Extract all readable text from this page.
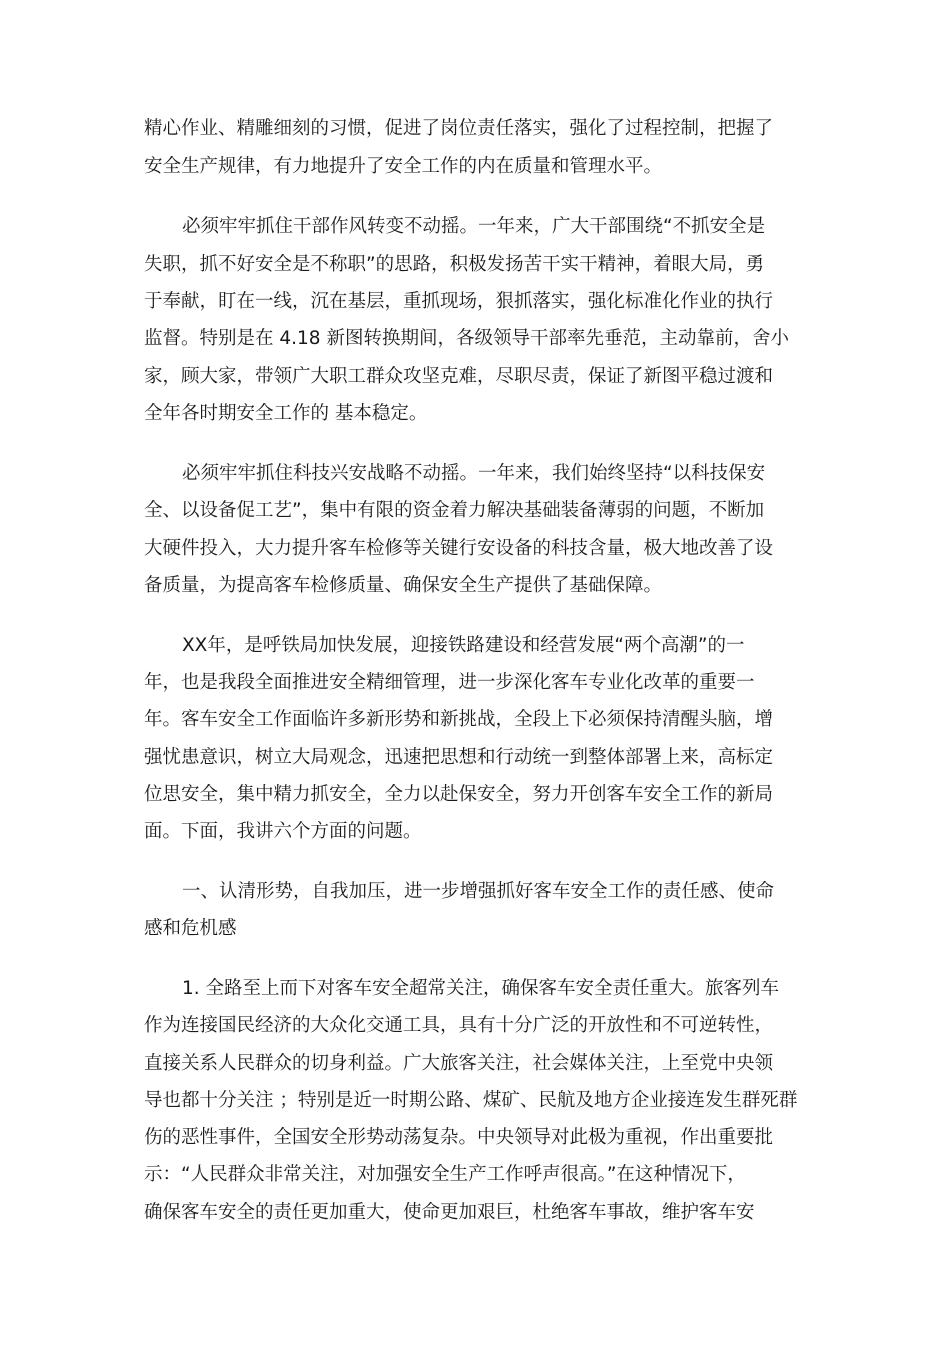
精心作业、精雕细刻的习惯，促进了岗位责任落实，强化了过程控制，把握了
安全生产规律，有力地提升了安全工作的内在质量和管理水平。
必须牢牢抓住干部作风转变不动摇。一年来，广大干部围绕“不抓安全是
失职，抓不好安全是不称职”的思路，积极发扬苦干实干精神，着眼大局，勇
于奉献，盯在一线，沉在基层，重抓现场，狠抓落实，强化标准化作业的执行
监督。特别是在 4.18 新图转换期间，各级领导干部率先垂范，主动靠前，舍小
家，顾大家，带领广大职工群众攻坚克难，尽职尽责，保证了新图平稳过渡和
全年各时期安全工作的 基本稳定。
必须牢牢抓住科技兴安战略不动摇。一年来，我们始终坚持“以科技保安
全、以设备促工艺”，集中有限的资金着力解决基础装备薄弱的问题，不断加
大硬件投入，大力提升客车检修等关键行安设备的科技含量，极大地改善了设
备质量，为提高客车检修质量、确保安全生产提供了基础保障。
XX年，是呼铁局加快发展，迎接铁路建设和经营发展“两个高潮”的一
年，也是我段全面推进安全精细管理，进一步深化客车专业化改革的重要一
年。客车安全工作面临许多新形势和新挑战，全段上下必须保持清醒头脑，增
强忧患意识，树立大局观念，迅速把思想和行动统一到整体部署上来，高标定
位思安全，集中精力抓安全，全力以赴保安全，努力开创客车安全工作的新局
面。下面，我讲六个方面的问题。
一、认清形势，自我加压，进一步增强抓好客车安全工作的责任感、使命
感和危机感
1. 全路至上而下对客车安全超常关注，确保客车安全责任重大。旅客列车
作为连接国民经济的大众化交通工具，具有十分广泛的开放性和不可逆转性，
直接关系人民群众的切身利益。广大旅客关注，社会媒体关注，上至党中央领
导也都十分关注 ；特别是近一时期公路、煤矿、民航及地方企业接连发生群死群
伤的恶性事件，全国安全形势动荡复杂。中央领导对此极为重视，作出重要批
示：“人民群众非常关注，对加强安全生产工作呼声很高。”在这种情况下，
确保客车安全的责任更加重大，使命更加艰巨，杜绝客车事故，维护客车安
